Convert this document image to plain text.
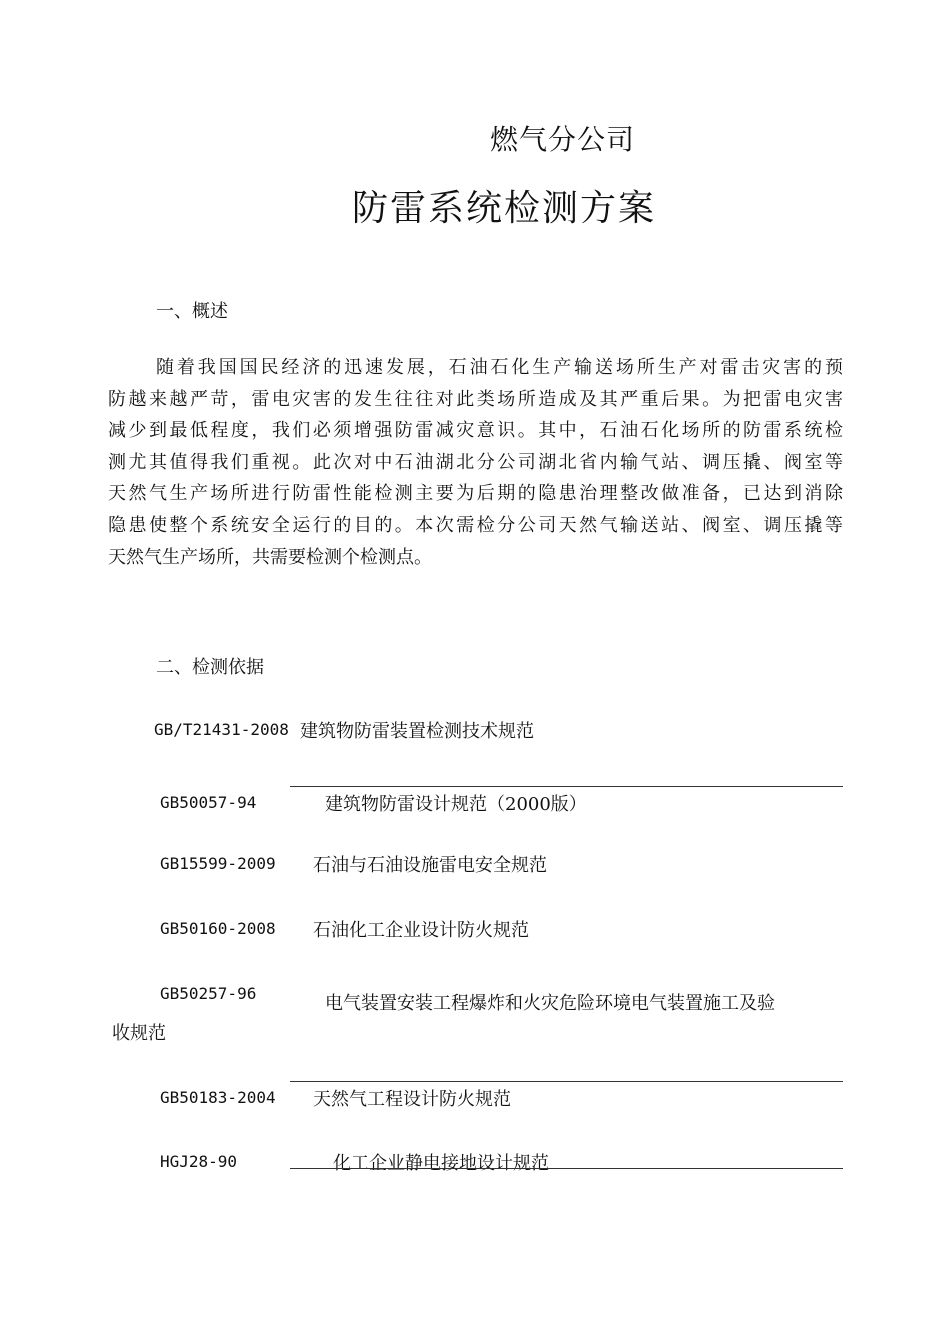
燃气分公司
防雷系统检测方案
一、概述
随着我国国民经济的迅速发展，石油石化生产输送场所生产对雷击灾害的预
防越来越严苛，雷电灾害的发生往往对此类场所造成及其严重后果。为把雷电灾害
减少到最低程度，我们必须增强防雷减灾意识。其中，石油石化场所的防雷系统检
测尤其值得我们重视。此次对中石油湖北分公司湖北省内输气站、调压撬、阀室等
天然气生产场所进行防雷性能检测主要为后期的隐患治理整改做准备，已达到消除
隐患使整个系统安全运行的目的。本次需检分公司天然气输送站、阀室、调压撬等
天然气生产场所，共需要检测个检测点。
二、检测依据
GB/T21431-2008 建筑物防雷装置检测技术规范
GB50057-94	建筑物防雷设计规范（2000版）
GB15599-2009 石油与石油设施雷电安全规范
GB50160-2008 石油化工企业设计防火规范
GB50257-96	电气装置安装工程爆炸和火灾危险环境电气装置施工及验
收规范
GB50183-2004 天然气工程设计防火规范
HGJ28-90	化工企业静电接地设计规范
